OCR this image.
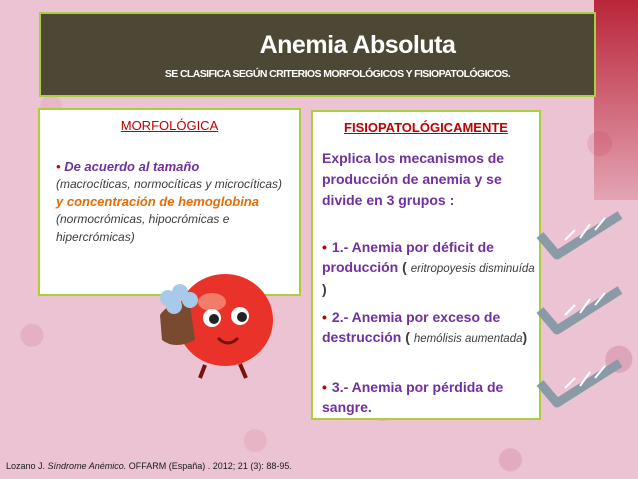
Anemia Absoluta
SE CLASIFICA SEGÚN CRITERIOS MORFOLÓGICOS Y FISIOPATOLÓGICOS.
MORFOLÓGICA
• De acuerdo al tamaño
(macrocíticas, normocíticas y microcíticas) y concentración de hemoglobina
(normocrómicas, hipocrómicas e hipercrómicas)
FISIOPATOLÓGICAMENTE
Explica los mecanismos de producción de anemia y se divide en 3 grupos :
• 1.- Anemia por déficit de producción ( eritropoyesis disminuída )
• 2.- Anemia por exceso de destrucción ( hemólisis aumentada)
• 3.- Anemia por pérdida de sangre.
Lozano J. Síndrome Anémico. OFFARM (España) . 2012; 21 (3): 88-95.
